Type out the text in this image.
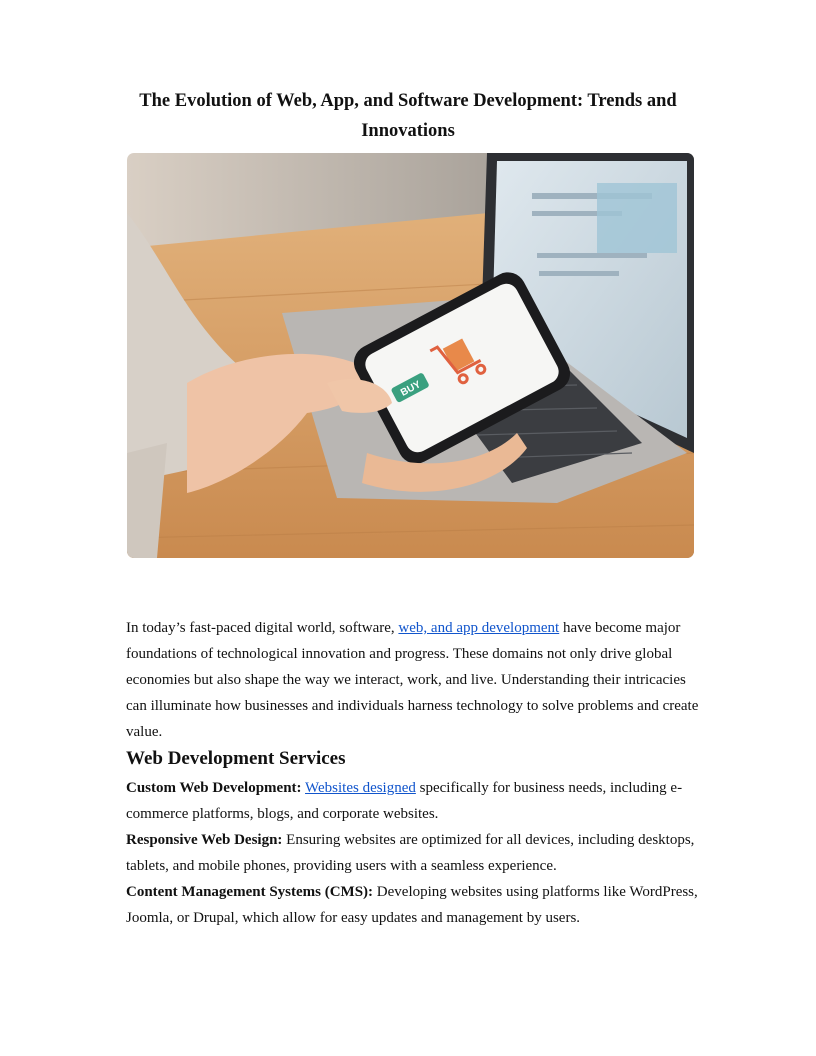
The Evolution of Web, App, and Software Development: Trends and Innovations
BUY

In today’s fast-paced digital world, software, web, and app development have become major foundations of technological innovation and progress. These domains not only drive global economies but also shape the way we interact, work, and live. Understanding their intricacies can illuminate how businesses and individuals harness technology to solve problems and create value.

Web Development Services

Custom Web Development: Websites designed specifically for business needs, including e-commerce platforms, blogs, and corporate websites.

Responsive Web Design: Ensuring websites are optimized for all devices, including desktops, tablets, and mobile phones, providing users with a seamless experience.

Content Management Systems (CMS): Developing websites using platforms like WordPress, Joomla, or Drupal, which allow for easy updates and management by users.
